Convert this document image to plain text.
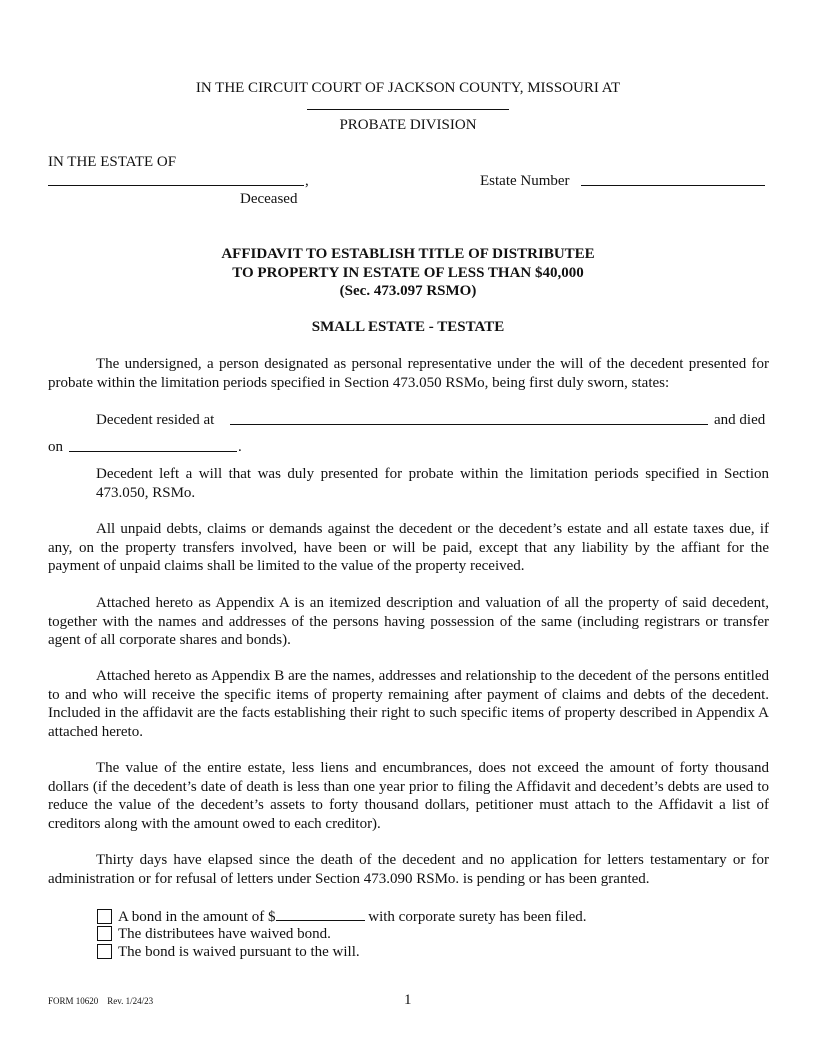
IN THE CIRCUIT COURT OF JACKSON COUNTY, MISSOURI AT
PROBATE DIVISION
IN THE ESTATE OF
,
Deceased
Estate Number
AFFIDAVIT TO ESTABLISH TITLE OF DISTRIBUTEE
TO PROPERTY IN ESTATE OF LESS THAN $40,000
(Sec. 473.097 RSMO)
SMALL ESTATE - TESTATE
The undersigned, a person designated as personal representative under the will of the decedent presented for probate within the limitation periods specified in Section 473.050 RSMo, being first duly sworn, states:
Decedent resided at	and died
on	.
Decedent left a will that was duly presented for probate within the limitation periods specified in Section 473.050, RSMo.
All unpaid debts, claims or demands against the decedent or the decedent’s estate and all estate taxes due, if any, on the property transfers involved, have been or will be paid, except that any liability by the affiant for the payment of unpaid claims shall be limited to the value of the property received.
Attached hereto as Appendix A is an itemized description and valuation of all the property of said decedent, together with the names and addresses of the persons having possession of the same (including registrars or transfer agent of all corporate shares and bonds).
Attached hereto as Appendix B are the names, addresses and relationship to the decedent of the persons entitled to and who will receive the specific items of property remaining after payment of claims and debts of the decedent. Included in the affidavit are the facts establishing their right to such specific items of property described in Appendix A attached hereto.
The value of the entire estate, less liens and encumbrances, does not exceed the amount of forty thousand dollars (if the decedent’s date of death is less than one year prior to filing the Affidavit and decedent’s debts are used to reduce the value of the decedent’s assets to forty thousand dollars, petitioner must attach to the Affidavit a list of creditors along with the amount owed to each creditor).
Thirty days have elapsed since the death of the decedent and no application for letters testamentary or for administration or for refusal of letters under Section 473.090 RSMo. is pending or has been granted.
A bond in the amount of $	with corporate surety has been filed.
The distributees have waived bond.
The bond is waived pursuant to the will.
FORM 10620    Rev. 1/24/23	1
